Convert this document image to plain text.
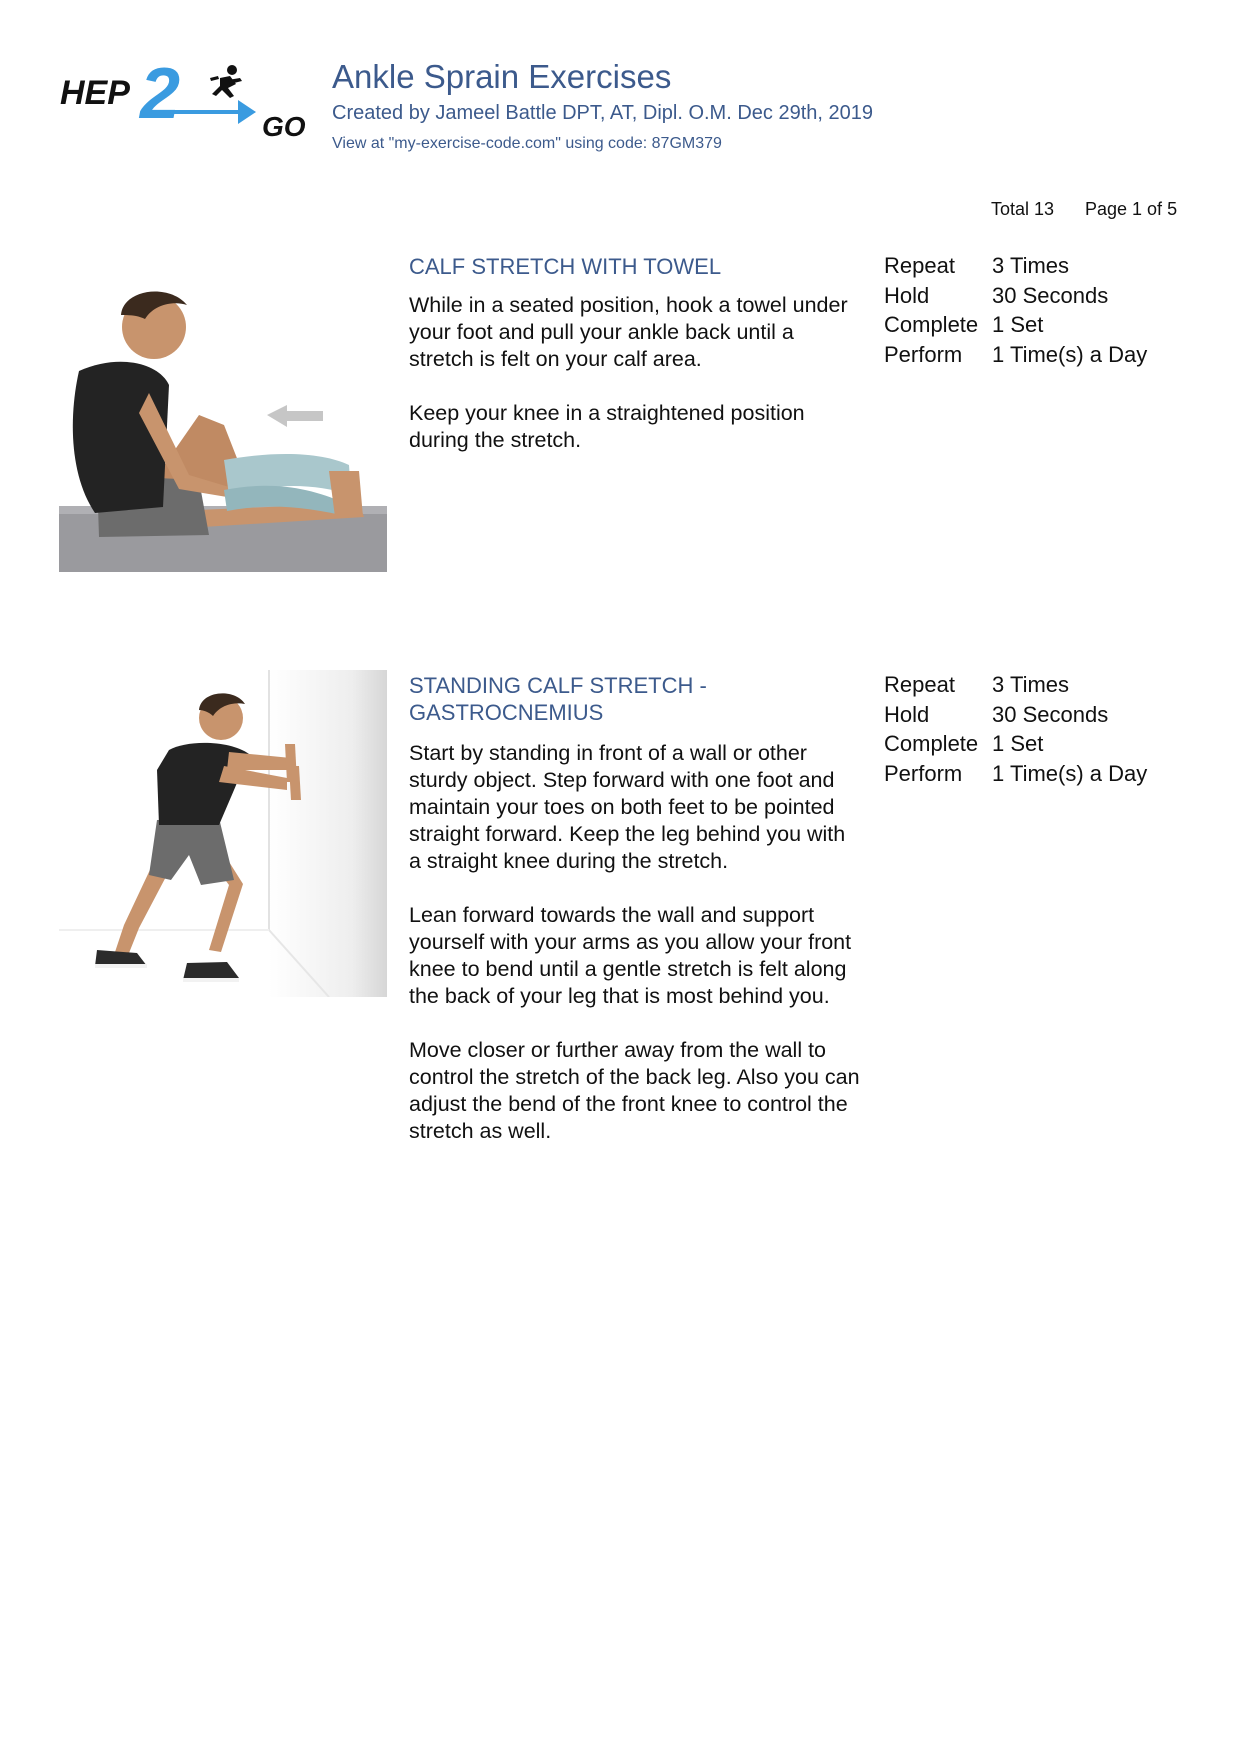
2
HEP
GO
Ankle Sprain Exercises
Created by Jameel Battle DPT, AT, Dipl. O.M. Dec 29th, 2019
View at "my-exercise-code.com" using code: 87GM379
Total 13 Page 1 of 5
CALF STRETCH WITH TOWEL

While in a seated position, hook a towel under your foot and pull your ankle back until a stretch is felt on your calf area.

Keep your knee in a straightened position during the stretch.

Repeat	3 Times
Hold	30 Seconds
Complete 1 Set
Perform	1 Time(s) a Day
STANDING CALF STRETCH - GASTROCNEMIUS

Start by standing in front of a wall or other sturdy object. Step forward with one foot and maintain your toes on both feet to be pointed straight forward. Keep the leg behind you with a straight knee during the stretch.

Lean forward towards the wall and support yourself with your arms as you allow your front knee to bend until a gentle stretch is felt along the back of your leg that is most behind you.

Move closer or further away from the wall to control the stretch of the back leg. Also you can adjust the bend of the front knee to control the stretch as well.

Repeat	3 Times
Hold	30 Seconds
Complete 1 Set
Perform	1 Time(s) a Day
